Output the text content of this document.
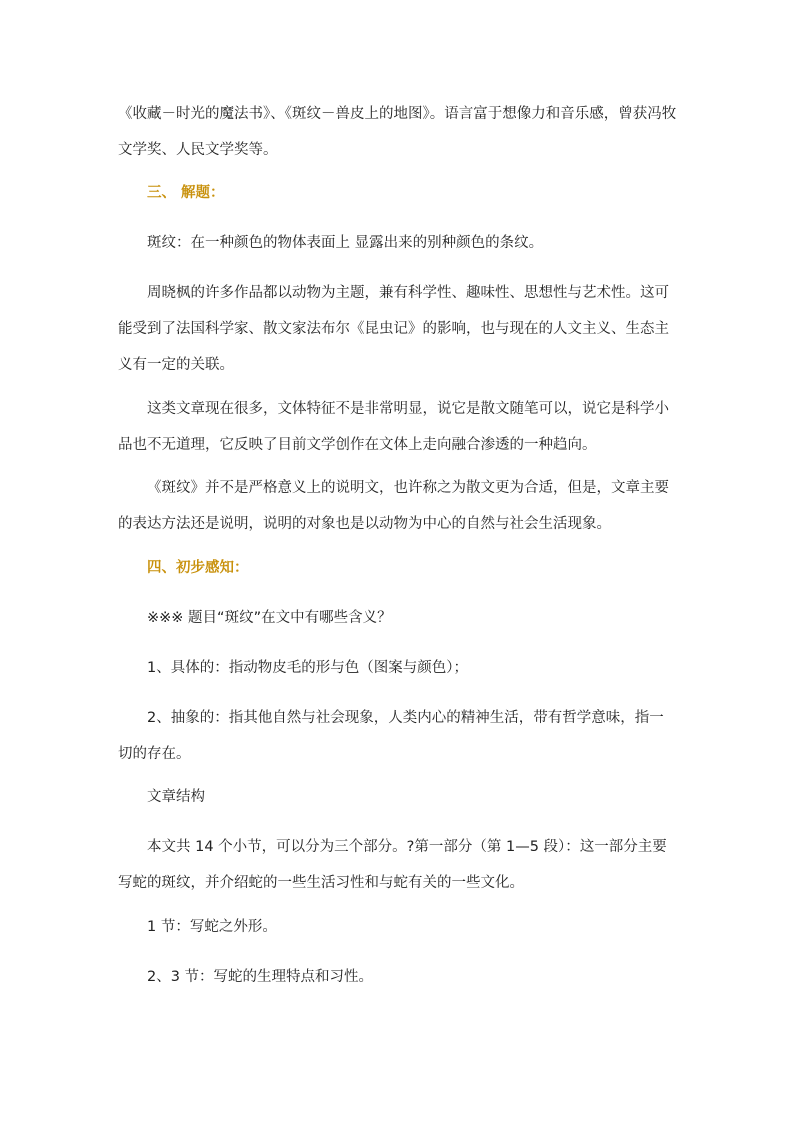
《收藏－时光的魔法书》、《斑纹－兽皮上的地图》。语言富于想像力和音乐感，曾获冯牧文学奖、人民文学奖等。

三、 解题：

斑纹：在一种颜色的物体表面上 显露出来的别种颜色的条纹。

周晓枫的许多作品都以动物为主题，兼有科学性、趣味性、思想性与艺术性。这可能受到了法国科学家、散文家法布尔《昆虫记》的影响，也与现在的人文主义、生态主义有一定的关联。

这类文章现在很多，文体特征不是非常明显，说它是散文随笔可以，说它是科学小品也不无道理，它反映了目前文学创作在文体上走向融合渗透的一种趋向。

《斑纹》并不是严格意义上的说明文，也许称之为散文更为合适，但是，文章主要的表达方法还是说明，说明的对象也是以动物为中心的自然与社会生活现象。

四、初步感知：

※※※ 题目“斑纹”在文中有哪些含义？

1、具体的：指动物皮毛的形与色（图案与颜色）；

2、抽象的：指其他自然与社会现象，人类内心的精神生活，带有哲学意味，指一切的存在。

文章结构

本文共 14 个小节，可以分为三个部分。?第一部分（第 1—5 段）：这一部分主要写蛇的斑纹，并介绍蛇的一些生活习性和与蛇有关的一些文化。

1 节：写蛇之外形。

2、3 节：写蛇的生理特点和习性。
